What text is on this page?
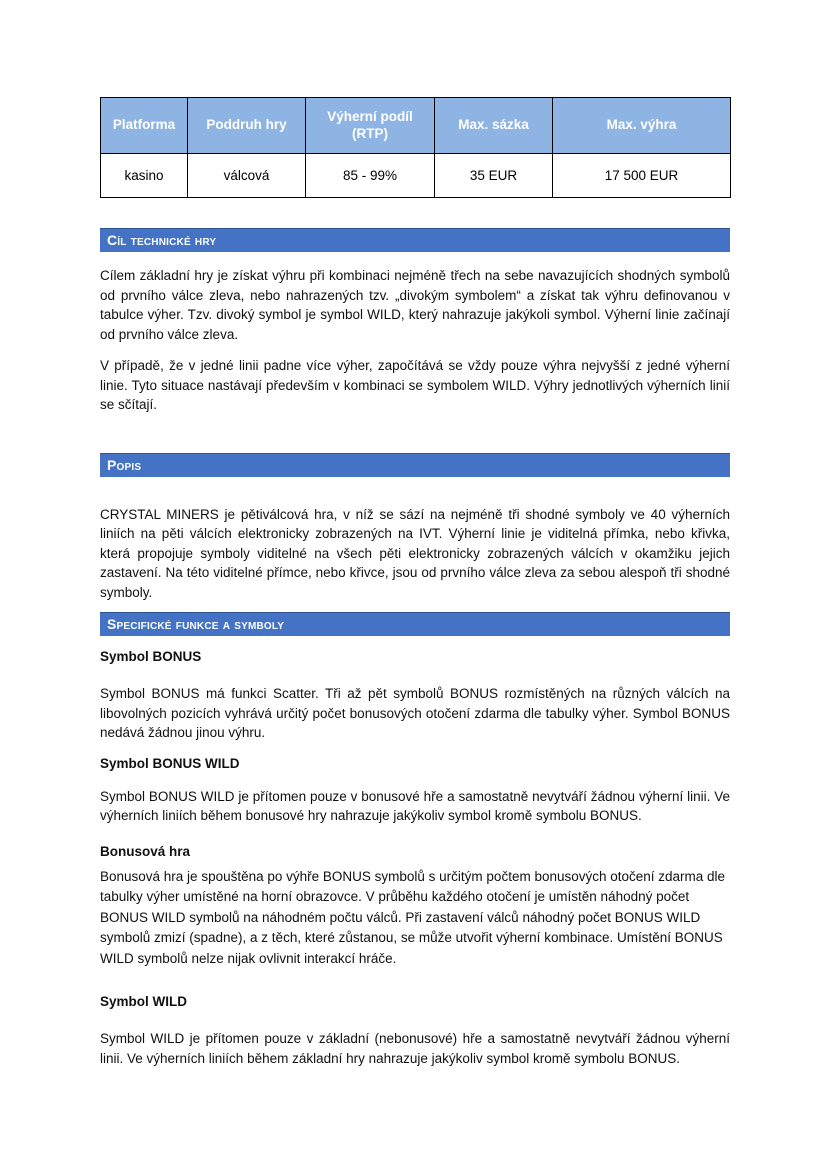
Platforma	Poddruh hry	Výherní podíl (RTP)	Max. sázka	Max. výhra
kasino	válcová	85 - 99%	35 EUR	17 500 EUR
Cíl technické hry

Cílem základní hry je získat výhru při kombinaci nejméně třech na sebe navazujících shodných symbolů od prvního válce zleva, nebo nahrazených tzv. „divokým symbolem“ a získat tak výhru definovanou v tabulce výher. Tzv. divoký symbol je symbol WILD, který nahrazuje jakýkoli symbol. Výherní linie začínají od prvního válce zleva.

V případě, že v jedné linii padne více výher, započítává se vždy pouze výhra nejvyšší z jedné výherní linie. Tyto situace nastávají především v kombinaci se symbolem WILD. Výhry jednotlivých výherních linií se sčítají.

Popis

CRYSTAL MINERS je pětiválcová hra, v níž se sází na nejméně tři shodné symboly ve 40 výherních liniích na pěti válcích elektronicky zobrazených na IVT. Výherní linie je viditelná přímka, nebo křivka, která propojuje symboly viditelné na všech pěti elektronicky zobrazených válcích v okamžiku jejich zastavení. Na této viditelné přímce, nebo křivce, jsou od prvního válce zleva za sebou alespoň tři shodné symboly.

Specifické funkce a symboly
Symbol BONUS

Symbol BONUS má funkci Scatter. Tři až pět symbolů BONUS rozmístěných na různých válcích na libovolných pozicích vyhrává určitý počet bonusových otočení zdarma dle tabulky výher. Symbol BONUS nedává žádnou jinou výhru.

Symbol BONUS WILD

Symbol BONUS WILD je přítomen pouze v bonusové hře a samostatně nevytváří žádnou výherní linii. Ve výherních liniích během bonusové hry nahrazuje jakýkoliv symbol kromě symbolu BONUS.

Bonusová hra

Bonusová hra je spouštěna po výhře BONUS symbolů s určitým počtem bonusových otočení zdarma dle tabulky výher umístěné na horní obrazovce. V průběhu každého otočení je umístěn náhodný počet BONUS WILD symbolů na náhodném počtu válců. Při zastavení válců náhodný počet BONUS WILD symbolů zmizí (spadne), a z těch, které zůstanou, se může utvořit výherní kombinace. Umístění BONUS WILD symbolů nelze nijak ovlivnit interakcí hráče.

Symbol WILD

Symbol WILD je přítomen pouze v základní (nebonusové) hře a samostatně nevytváří žádnou výherní linii. Ve výherních liniích během základní hry nahrazuje jakýkoliv symbol kromě symbolu BONUS.
